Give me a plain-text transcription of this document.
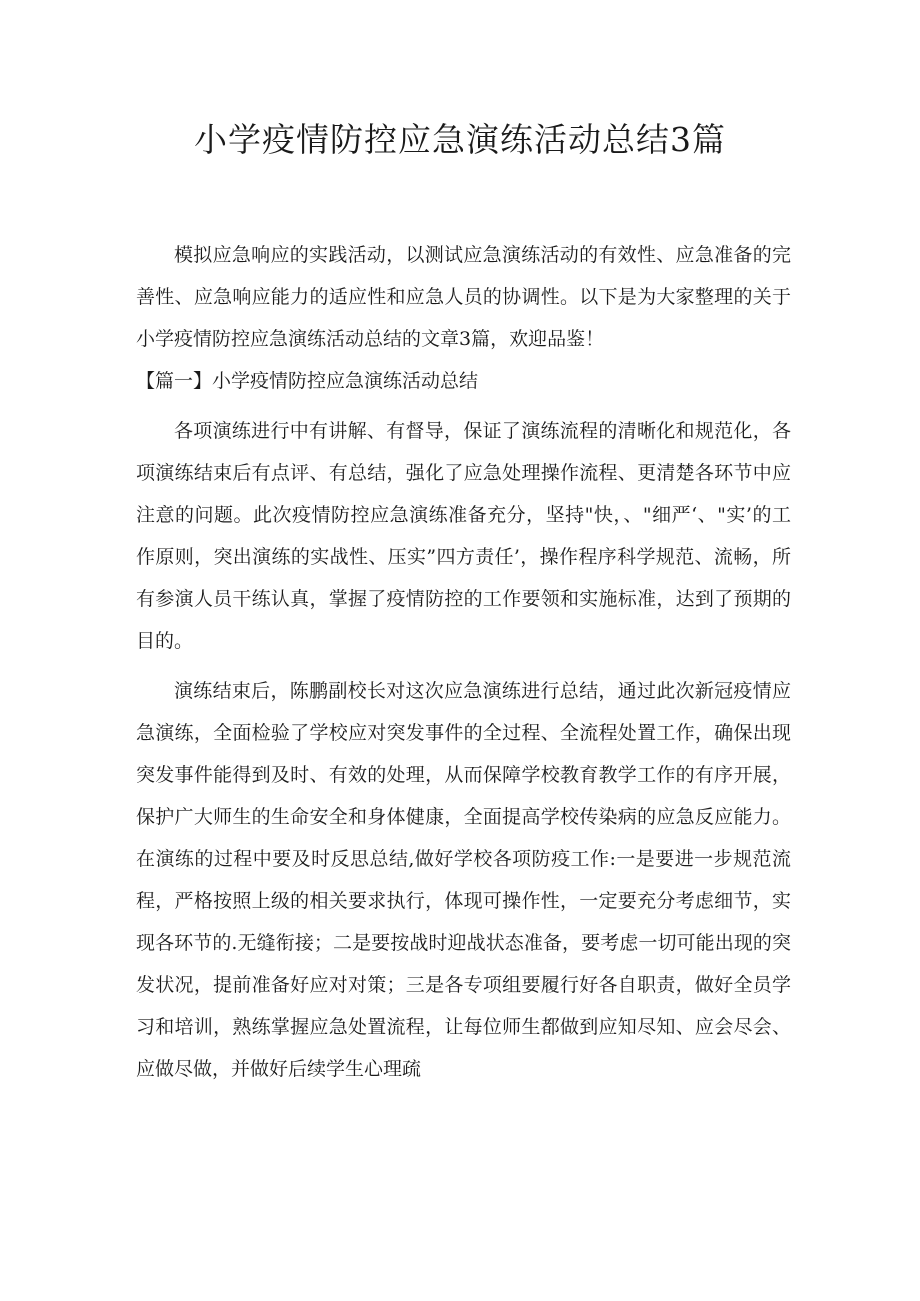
小学疫情防控应急演练活动总结3篇

模拟应急响应的实践活动，以测试应急演练活动的有效性、应急准备的完善性、应急响应能力的适应性和应急人员的协调性。以下是为大家整理的关于小学疫情防控应急演练活动总结的文章3篇，欢迎品鉴！

【篇一】小学疫情防控应急演练活动总结

各项演练进行中有讲解、有督导，保证了演练流程的清晰化和规范化，各项演练结束后有点评、有总结，强化了应急处理操作流程、更清楚各环节中应注意的问题。此次疫情防控应急演练准备充分，坚持"快，、"细严‘、"实’的工作原则，突出演练的实战性、压实”四方责任’，操作程序科学规范、流畅，所有参演人员干练认真，掌握了疫情防控的工作要领和实施标准，达到了预期的目的。

演练结束后，陈鹏副校长对这次应急演练进行总结，通过此次新冠疫情应急演练，全面检验了学校应对突发事件的全过程、全流程处置工作，确保出现突发事件能得到及时、有效的处理，从而保障学校教育教学工作的有序开展，保护广大师生的生命安全和身体健康，全面提高学校传染病的应急反应能力。在演练的过程中要及时反思总结,做好学校各项防疫工作:一是要进一步规范流程，严格按照上级的相关要求执行，体现可操作性，一定要充分考虑细节，实现各环节的.无缝衔接；二是要按战时迎战状态准备，要考虑一切可能出现的突发状况，提前准备好应对对策；三是各专项组要履行好各自职责，做好全员学习和培训，熟练掌握应急处置流程，让每位师生都做到应知尽知、应会尽会、应做尽做，并做好后续学生心理疏
